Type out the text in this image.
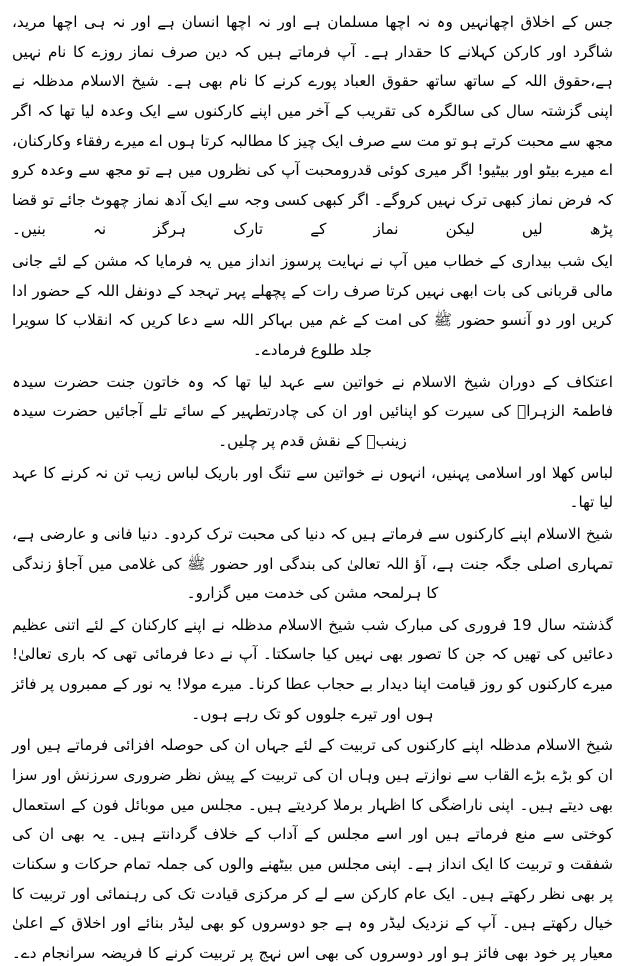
جس کے اخلاق اچھانہیں وہ نہ اچھا مسلمان ہے اور نہ اچھا انسان ہے اور نہ ہی اچھا مرید، شاگرد اور کارکن کہلانے کا حقدار ہے۔ آپ فرماتے ہیں کہ دین صرف نماز روزے کا نام نہیں ہے،حقوق اللہ کے ساتھ ساتھ حقوق العباد پورے کرنے کا نام بھی ہے۔ شیخ الاسلام مدظلہ نے اپنی گزشتہ سال کی سالگرہ کی تقریب کے آخر میں اپنے کارکنوں سے ایک وعدہ لیا تھا کہ اگر مجھ سے محبت کرتے ہو تو مت سے صرف ایک چیز کا مطالبہ کرتا ہوں اے میرے رفقاء وکارکنان، اے میرے بیٹو اور بیٹیو! اگر میری کوئی قدرومحبت آپ کی نظروں میں ہے تو مجھ سے وعدہ کرو کہ فرض نماز کبھی ترک نہیں کروگے۔ اگر کبھی کسی وجہ سے ایک آدھ نماز چھوٹ جائے تو قضا پڑھ لیں لیکن نماز کے تارک ہرگز نہ بنیں۔

ایک شب بیداری کے خطاب میں آپ نے نہایت پرسوز انداز میں یہ فرمایا کہ مشن کے لئے جانی مالی قربانی کی بات ابھی نہیں کرتا صرف رات کے پچھلے پہر تہجد کے دونفل اللہ کے حضور ادا کریں اور دو آنسو حضور ﷺ کی امت کے غم میں بہاکر اللہ سے دعا کریں کہ انقلاب کا سویرا جلد طلوع فرمادے۔

اعتکاف کے دوران شیخ الاسلام نے خواتین سے عہد لیا تھا کہ وہ خاتون جنت حضرت سیدہ فاطمۃ الزہراؓ کی سیرت کو اپنائیں اور ان کی چادرتطہیر کے سائے تلے آجائیں حضرت سیدہ زینبؓ کے نقش قدم پر چلیں۔

لباس کھلا اور اسلامی پہنیں، انہوں نے خواتین سے تنگ اور باریک لباس زیب تن نہ کرنے کا عہد لیا تھا۔

شیخ الاسلام اپنے کارکنوں سے فرماتے ہیں کہ دنیا کی محبت ترک کردو۔ دنیا فانی و عارضی ہے، تمہاری اصلی جگہ جنت ہے، آؤ اللہ تعالیٰ کی بندگی اور حضور ﷺ کی غلامی میں آجاؤ زندگی کا ہرلمحہ مشن کی خدمت میں گزارو۔

گذشتہ سال 19 فروری کی مبارک شب شیخ الاسلام مدظلہ نے اپنے کارکنان کے لئے اتنی عظیم دعائیں کی تھیں کہ جن کا تصور بھی نہیں کیا جاسکتا۔ آپ نے دعا فرمائی تھی کہ باری تعالیٰ! میرے کارکنوں کو روز قیامت اپنا دیدار بے حجاب عطا کرنا۔ میرے مولا! یہ نور کے ممبروں پر فائز ہوں اور تیرے جلووں کو تک رہے ہوں۔

شیخ الاسلام مدظلہ اپنے کارکنوں کی تربیت کے لئے جہاں ان کی حوصلہ افزائی فرماتے ہیں اور ان کو بڑے بڑے القاب سے نوازتے ہیں وہاں ان کی تربیت کے پیش نظر ضروری سرزنش اور سزا بھی دیتے ہیں۔ اپنی ناراضگی کا اظہار برملا کردیتے ہیں۔ مجلس میں موبائل فون کے استعمال کوختی سے منع فرماتے ہیں اور اسے مجلس کے آداب کے خلاف گردانتے ہیں۔ یہ بھی ان کی شفقت و تربیت کا ایک انداز ہے۔ اپنی مجلس میں بیٹھنے والوں کی جملہ تمام حرکات و سکنات پر بھی نظر رکھتے ہیں۔ ایک عام کارکن سے لے کر مرکزی قیادت تک کی رہنمائی اور تربیت کا خیال رکھتے ہیں۔ آپ کے نزدیک لیڈر وہ ہے جو دوسروں کو بھی لیڈر بنائے اور اخلاق کے اعلیٰ معیار پر خود بھی فائز ہو اور دوسروں کی بھی اس نہج پر تربیت کرنے کا فریضہ سرانجام دے۔
